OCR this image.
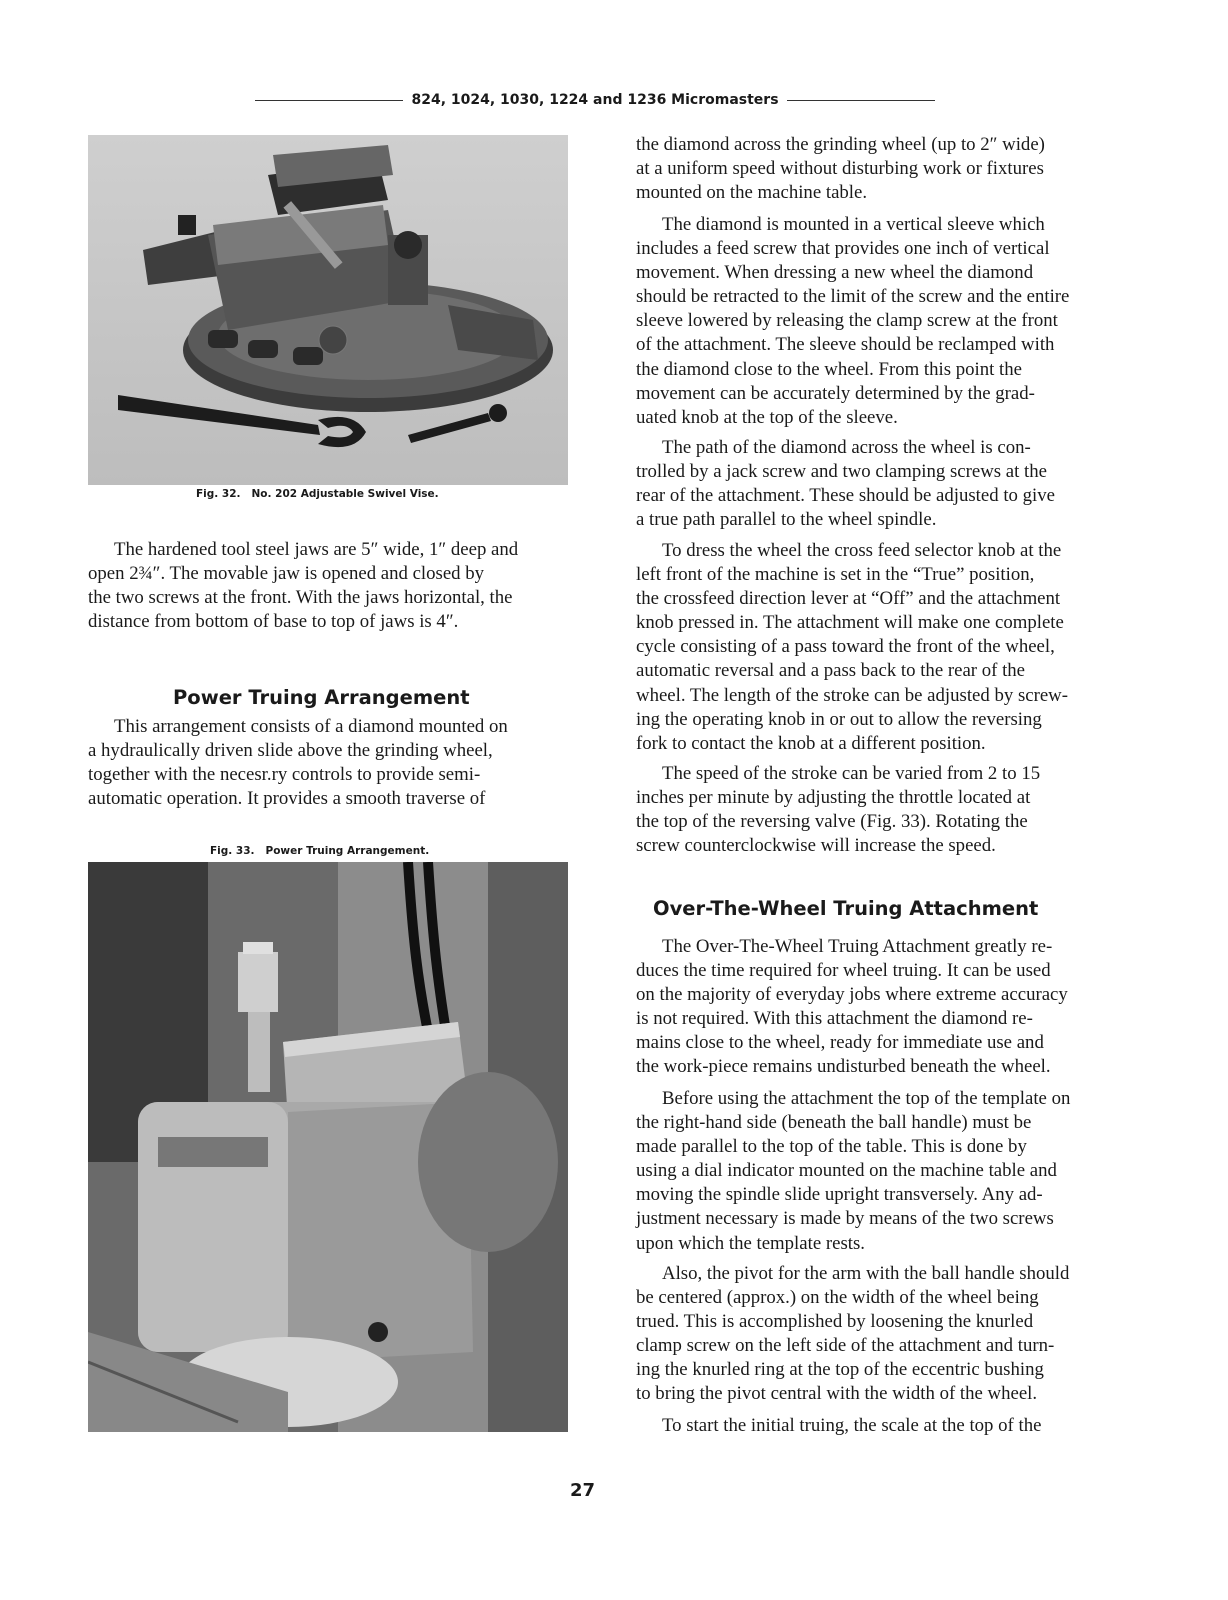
824, 1024, 1030, 1224 and 1236 Micromasters
Fig. 32.   No. 202 Adjustable Swivel Vise.

The hardened tool steel jaws are 5″ wide, 1″ deep and
open 2¾″. The movable jaw is opened and closed by
the two screws at the front. With the jaws horizontal, the
distance from bottom of base to top of jaws is 4″.

Power Truing Arrangement

This arrangement consists of a diamond mounted on
a hydraulically driven slide above the grinding wheel,
together with the necesr.ry controls to provide semi-
automatic operation. It provides a smooth traverse of

Fig. 33.   Power Truing Arrangement.

the diamond across the grinding wheel (up to 2″ wide)
at a uniform speed without disturbing work or fixtures
mounted on the machine table.

The diamond is mounted in a vertical sleeve which
includes a feed screw that provides one inch of vertical
movement. When dressing a new wheel the diamond
should be retracted to the limit of the screw and the entire
sleeve lowered by releasing the clamp screw at the front
of the attachment. The sleeve should be reclamped with
the diamond close to the wheel. From this point the
movement can be accurately determined by the grad-
uated knob at the top of the sleeve.

The path of the diamond across the wheel is con-
trolled by a jack screw and two clamping screws at the
rear of the attachment. These should be adjusted to give
a true path parallel to the wheel spindle.

To dress the wheel the cross feed selector knob at the
left front of the machine is set in the “True” position,
the crossfeed direction lever at “Off” and the attachment
knob pressed in. The attachment will make one complete
cycle consisting of a pass toward the front of the wheel,
automatic reversal and a pass back to the rear of the
wheel. The length of the stroke can be adjusted by screw-
ing the operating knob in or out to allow the reversing
fork to contact the knob at a different position.

The speed of the stroke can be varied from 2 to 15
inches per minute by adjusting the throttle located at
the top of the reversing valve (Fig. 33). Rotating the
screw counterclockwise will increase the speed.

Over-The-Wheel Truing Attachment

The Over-The-Wheel Truing Attachment greatly re-
duces the time required for wheel truing. It can be used
on the majority of everyday jobs where extreme accuracy
is not required. With this attachment the diamond re-
mains close to the wheel, ready for immediate use and
the work-piece remains undisturbed beneath the wheel.

Before using the attachment the top of the template on
the right-hand side (beneath the ball handle) must be
made parallel to the top of the table. This is done by
using a dial indicator mounted on the machine table and
moving the spindle slide upright transversely. Any ad-
justment necessary is made by means of the two screws
upon which the template rests.

Also, the pivot for the arm with the ball handle should
be centered (approx.) on the width of the wheel being
trued. This is accomplished by loosening the knurled
clamp screw on the left side of the attachment and turn-
ing the knurled ring at the top of the eccentric bushing
to bring the pivot central with the width of the wheel.

To start the initial truing, the scale at the top of the

27
